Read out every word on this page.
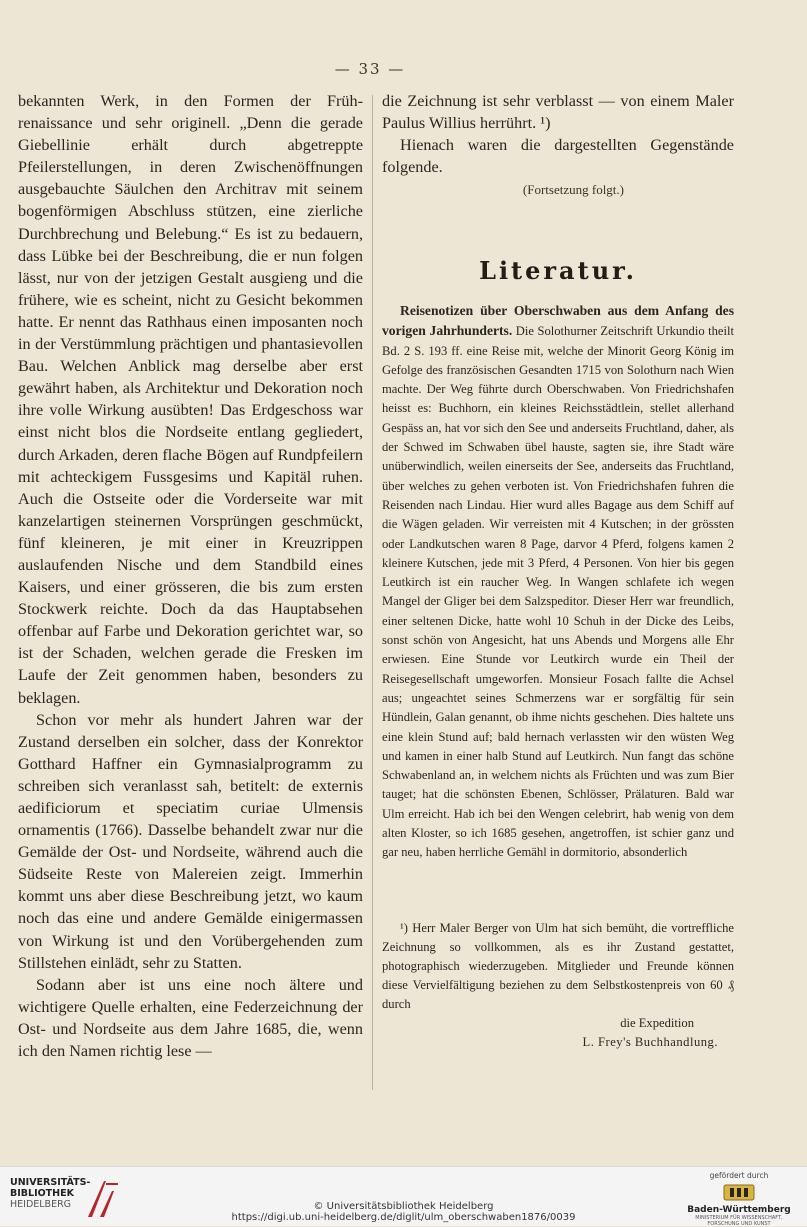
— 33 —

bekannten Werk, in den Formen der Früh-renaissance und sehr originell. „Denn die gerade Giebellinie erhält durch abgetreppte Pfeilerstellungen, in deren Zwischenöffnungen ausgebauchte Säulchen den Architrav mit seinem bogenförmigen Abschluss stützen, eine zierliche Durchbrechung und Belebung.“ Es ist zu bedauern, dass Lübke bei der Beschreibung, die er nun folgen lässt, nur von der jetzigen Gestalt ausgieng und die frühere, wie es scheint, nicht zu Gesicht bekommen hatte. Er nennt das Rathhaus einen imposanten noch in der Verstümmlung prächtigen und phantasievollen Bau. Welchen Anblick mag derselbe aber erst gewährt haben, als Architektur und Dekoration noch ihre volle Wirkung ausübten! Das Erdgeschoss war einst nicht blos die Nordseite entlang gegliedert, durch Arkaden, deren flache Bögen auf Rundpfeilern mit achteckigem Fussgesims und Kapitäl ruhen. Auch die Ostseite oder die Vorderseite war mit kanzelartigen steinernen Vorsprüngen geschmückt, fünf kleineren, je mit einer in Kreuzrippen auslaufenden Nische und dem Standbild eines Kaisers, und einer grösseren, die bis zum ersten Stockwerk reichte. Doch da das Hauptabsehen offenbar auf Farbe und Dekoration gerichtet war, so ist der Schaden, welchen gerade die Fresken im Laufe der Zeit genommen haben, besonders zu beklagen.

Schon vor mehr als hundert Jahren war der Zustand derselben ein solcher, dass der Konrektor Gotthard Haffner ein Gymnasialprogramm zu schreiben sich veranlasst sah, betitelt: de externis aedificiorum et speciatim curiae Ulmensis ornamentis (1766). Dasselbe behandelt zwar nur die Gemälde der Ost- und Nordseite, während auch die Südseite Reste von Malereien zeigt. Immerhin kommt uns aber diese Beschreibung jetzt, wo kaum noch das eine und andere Gemälde einigermassen von Wirkung ist und den Vorübergehenden zum Stillstehen einlädt, sehr zu Statten.

Sodann aber ist uns eine noch ältere und wichtigere Quelle erhalten, eine Federzeichnung der Ost- und Nordseite aus dem Jahre 1685, die, wenn ich den Namen richtig lese —

die Zeichnung ist sehr verblasst — von einem Maler Paulus Willius herrührt. ¹)

Hienach waren die dargestellten Gegenstände folgende.

(Fortsetzung folgt.)
Literatur.

Reisenotizen über Oberschwaben aus dem Anfang des vorigen Jahrhunderts. Die Solothurner Zeitschrift Urkundio theilt Bd. 2 S. 193 ff. eine Reise mit, welche der Minorit Georg König im Gefolge des französischen Gesandten 1715 von Solothurn nach Wien machte. Der Weg führte durch Oberschwaben. Von Friedrichshafen heisst es: Buchhorn, ein kleines Reichsstädtlein, stellet allerhand Gespäss an, hat vor sich den See und anderseits Fruchtland, daher, als der Schwed im Schwaben übel hauste, sagten sie, ihre Stadt wäre unüberwindlich, weilen einerseits der See, anderseits das Fruchtland, über welches zu gehen verboten ist. Von Friedrichshafen fuhren die Reisenden nach Lindau. Hier wurd alles Bagage aus dem Schiff auf die Wägen geladen. Wir verreisten mit 4 Kutschen; in der grössten oder Landkutschen waren 8 Page, darvor 4 Pferd, folgens kamen 2 kleinere Kutschen, jede mit 3 Pferd, 4 Personen. Von hier bis gegen Leutkirch ist ein raucher Weg. In Wangen schlafete ich wegen Mangel der Gliger bei dem Salzspeditor. Dieser Herr war freundlich, einer seltenen Dicke, hatte wohl 10 Schuh in der Dicke des Leibs, sonst schön von Angesicht, hat uns Abends und Morgens alle Ehr erwiesen. Eine Stunde vor Leutkirch wurde ein Theil der Reisegesellschaft umgeworfen. Monsieur Fosach fallte die Achsel aus; ungeachtet seines Schmerzens war er sorgfältig für sein Hündlein, Galan genannt, ob ihme nichts geschehen. Dies haltete uns eine klein Stund auf; bald hernach verlassten wir den wüsten Weg und kamen in einer halb Stund auf Leutkirch. Nun fangt das schöne Schwabenland an, in welchem nichts als Früchten und was zum Bier tauget; hat die schönsten Ebenen, Schlösser, Prälaturen. Bald war Ulm erreicht. Hab ich bei den Wengen celebrirt, hab wenig von dem alten Kloster, so ich 1685 gesehen, angetroffen, ist schier ganz und gar neu, haben herrliche Gemähl in dormitorio, absonderlich

¹) Herr Maler Berger von Ulm hat sich bemüht, die vortreffliche Zeichnung so vollkommen, als es ihr Zustand gestattet, photographisch wiederzugeben. Mitglieder und Freunde können diese Vervielfältigung beziehen zu dem Selbstkostenpreis von 60 ₰ durch
die Expedition
L. Frey's Buchhandlung.
UNIVERSITÄTS-
BIBLIOTHEK
HEIDELBERG	© Universitätsbibliothek Heidelberg
https://digi.ub.uni-heidelberg.de/diglit/ulm_oberschwaben1876/0039
gefördert durch
Baden-Württemberg
MINISTERIUM FÜR WISSENSCHAFT, FORSCHUNG UND KUNST
